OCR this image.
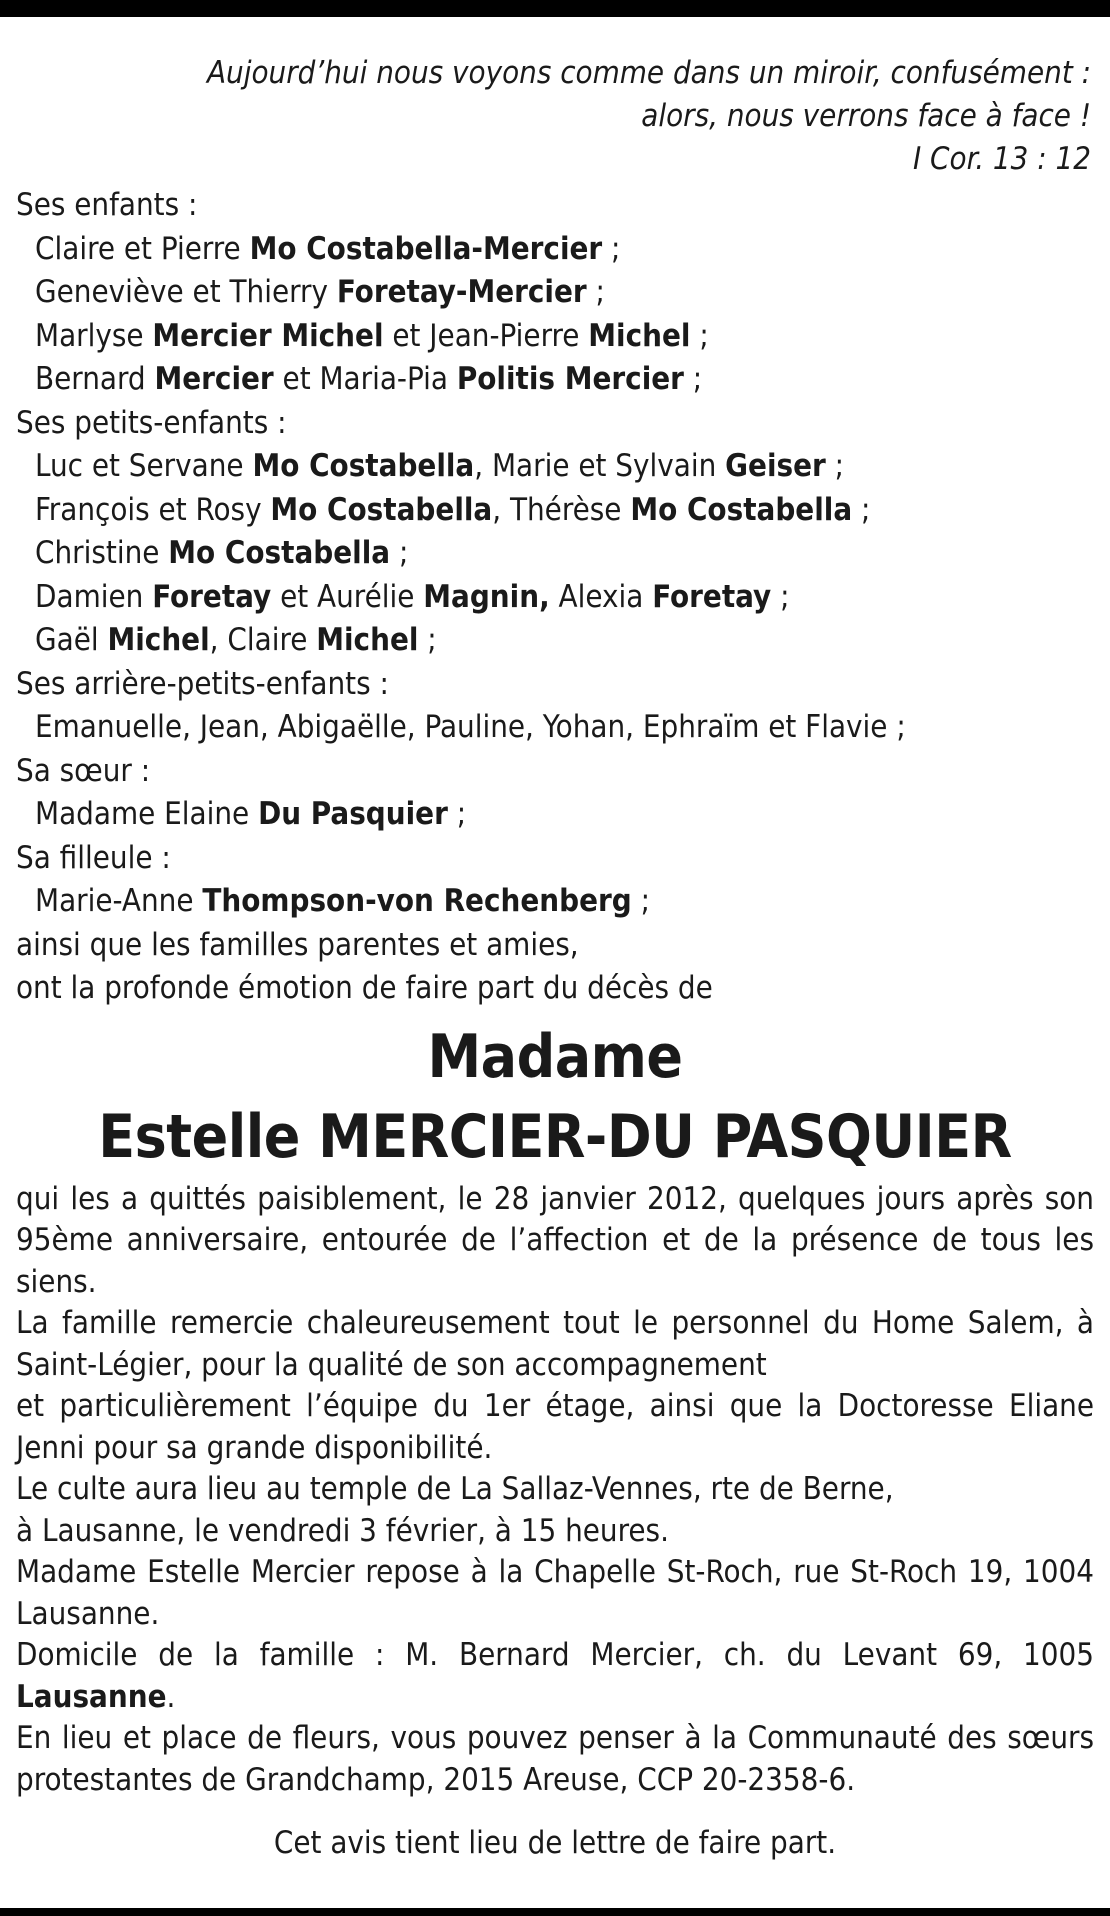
Aujourd’hui nous voyons comme dans un miroir, confusément :
alors, nous verrons face à face !
I Cor. 13 : 12
Ses enfants :
Claire et Pierre Mo Costabella-Mercier ;
Geneviève et Thierry Foretay-Mercier ;
Marlyse Mercier Michel et Jean-Pierre Michel ;
Bernard Mercier et Maria-Pia Politis Mercier ;
Ses petits-enfants :
Luc et Servane Mo Costabella, Marie et Sylvain Geiser ;
François et Rosy Mo Costabella, Thérèse Mo Costabella ;
Christine Mo Costabella ;
Damien Foretay et Aurélie Magnin, Alexia Foretay ;
Gaël Michel, Claire Michel ;
Ses arrière-petits-enfants :
Emanuelle, Jean, Abigaëlle, Pauline, Yohan, Ephraïm et Flavie ;
Sa sœur :
Madame Elaine Du Pasquier ;
Sa filleule :
Marie-Anne Thompson-von Rechenberg ;
ainsi que les familles parentes et amies,
ont la profonde émotion de faire part du décès de
Madame
Estelle MERCIER-DU PASQUIER

qui les a quittés paisiblement, le 28 janvier 2012, quelques jours après son 95ème anniversaire, entourée de l’affection et de la présence de tous les siens.

La famille remercie chaleureusement tout le personnel du Home Salem, à Saint-Légier, pour la qualité de son accompagnement

et particulièrement l’équipe du 1er étage, ainsi que la Doctoresse Eliane Jenni pour sa grande disponibilité.

Le culte aura lieu au temple de La Sallaz-Vennes, rte de Berne,

à Lausanne, le vendredi 3 février, à 15 heures.

Madame Estelle Mercier repose à la Chapelle St-Roch, rue St-Roch 19, 1004 Lausanne.

Domicile de la famille : M. Bernard Mercier, ch. du Levant 69, 1005 Lausanne.

En lieu et place de fleurs, vous pouvez penser à la Communauté des sœurs protestantes de Grandchamp, 2015 Areuse, CCP 20-2358-6.

Cet avis tient lieu de lettre de faire part.
